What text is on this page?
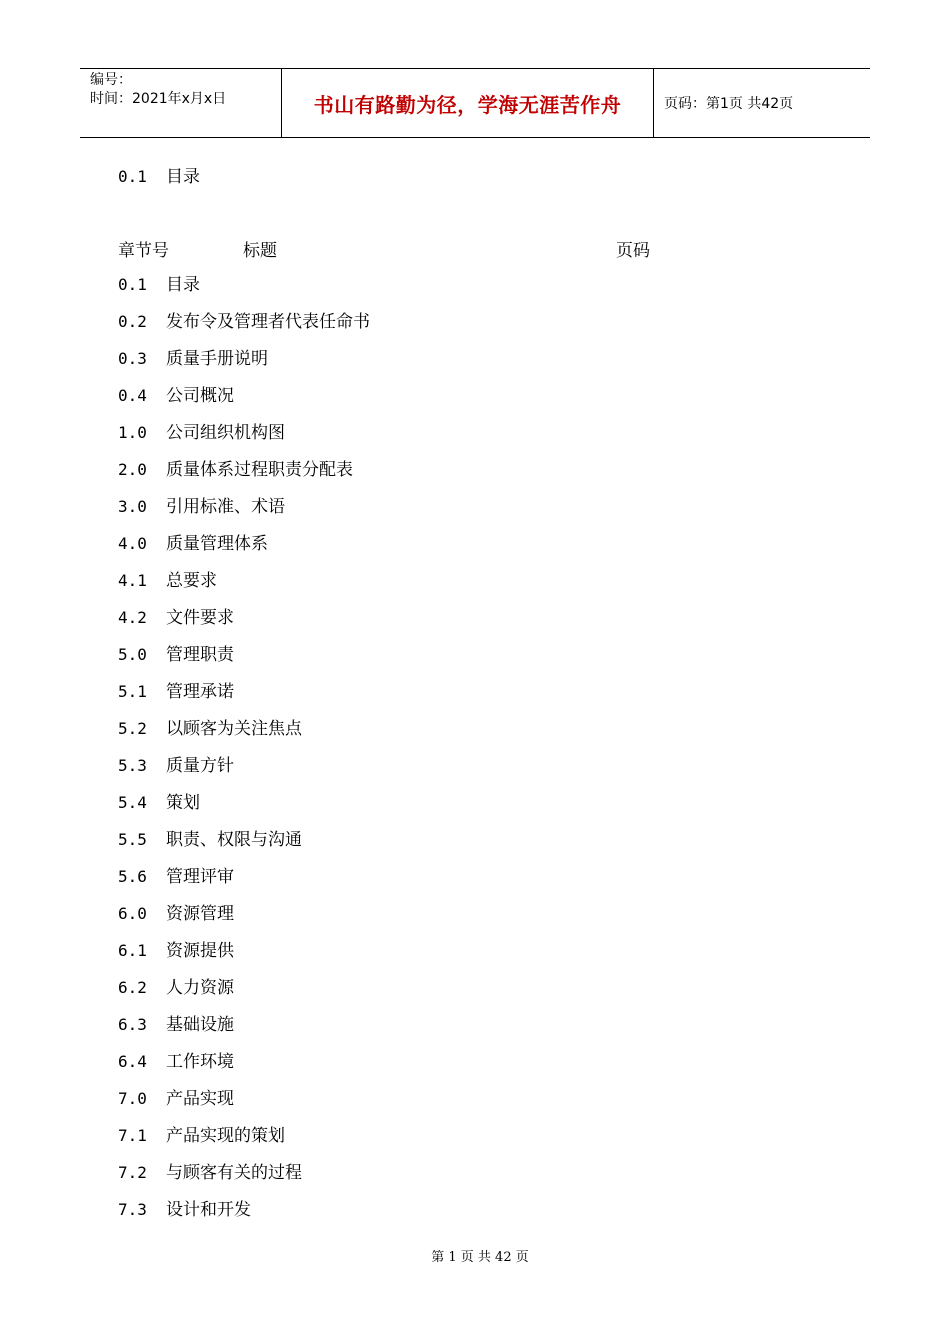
编号：
时间：2021年x月x日	书山有路勤为径，学海无涯苦作舟	页码：第1页 共42页
0.1 目录
章节号	标题	页码
0.1 目录
0.2 发布令及管理者代表任命书
0.3 质量手册说明
0.4 公司概况
1.0 公司组织机构图
2.0 质量体系过程职责分配表
3.0 引用标准、术语
4.0 质量管理体系
4.1 总要求
4.2 文件要求
5.0 管理职责
5.1 管理承诺
5.2 以顾客为关注焦点
5.3 质量方针
5.4 策划
5.5 职责、权限与沟通
5.6 管理评审
6.0 资源管理
6.1 资源提供
6.2 人力资源
6.3 基础设施
6.4 工作环境
7.0 产品实现
7.1 产品实现的策划
7.2 与顾客有关的过程
7.3 设计和开发
第 1 页 共 42 页
